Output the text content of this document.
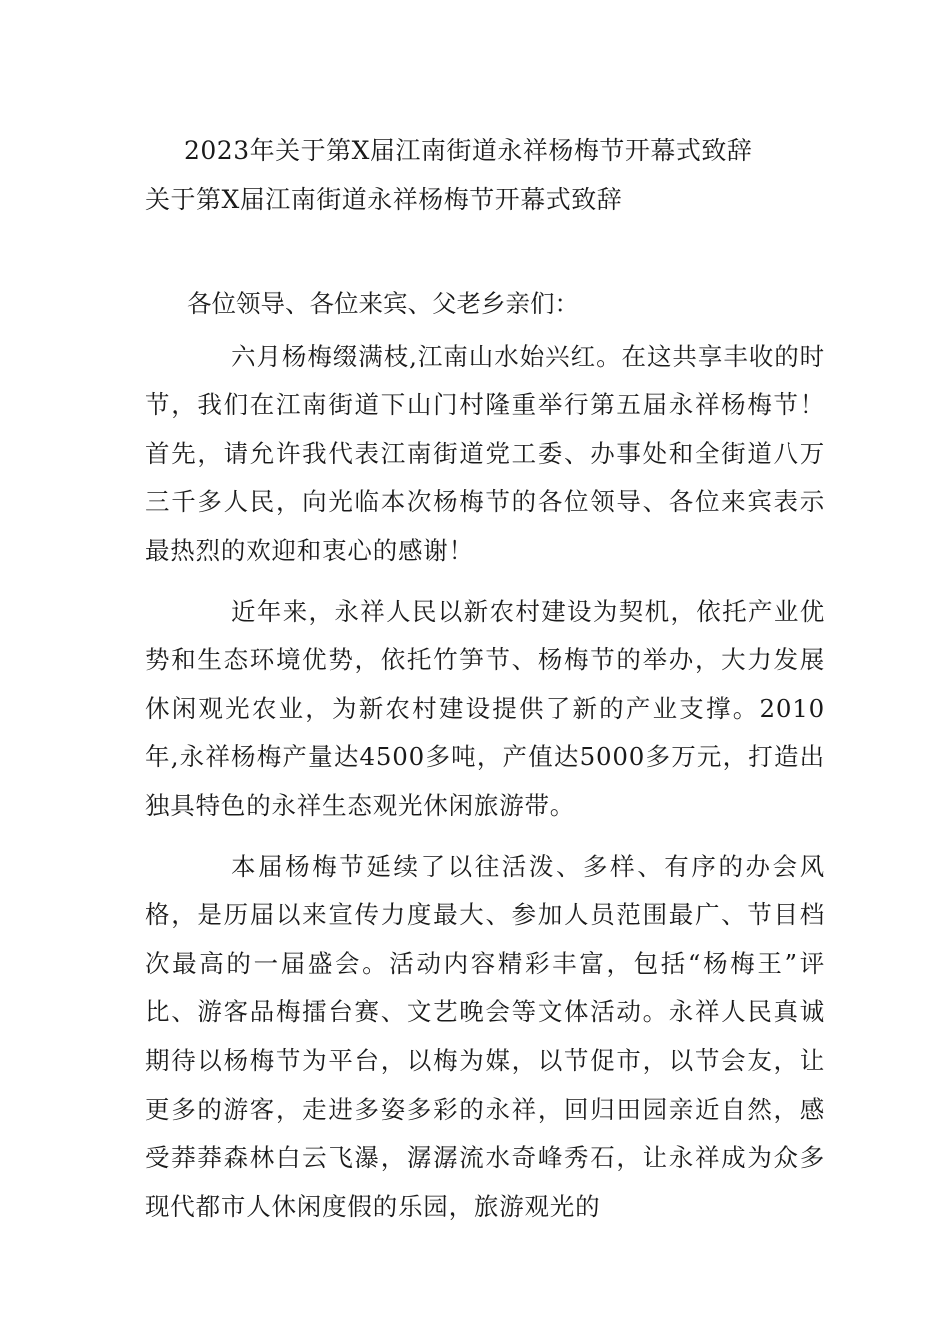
2023年关于第X届江南街道永祥杨梅节开幕式致辞
关于第X届江南街道永祥杨梅节开幕式致辞

各位领导、各位来宾、父老乡亲们：

六月杨梅缀满枝,江南山水始兴红。在这共享丰收的时节，我们在江南街道下山门村隆重举行第五届永祥杨梅节！首先，请允许我代表江南街道党工委、办事处和全街道八万三千多人民，向光临本次杨梅节的各位领导、各位来宾表示最热烈的欢迎和衷心的感谢！

近年来，永祥人民以新农村建设为契机，依托产业优势和生态环境优势，依托竹笋节、杨梅节的举办，大力发展休闲观光农业，为新农村建设提供了新的产业支撑。2010年,永祥杨梅产量达4500多吨，产值达5000多万元，打造出独具特色的永祥生态观光休闲旅游带。

本届杨梅节延续了以往活泼、多样、有序的办会风格，是历届以来宣传力度最大、参加人员范围最广、节目档次最高的一届盛会。活动内容精彩丰富，包括“杨梅王”评比、游客品梅擂台赛、文艺晚会等文体活动。永祥人民真诚期待以杨梅节为平台，以梅为媒，以节促市，以节会友，让更多的游客，走进多姿多彩的永祥，回归田园亲近自然，感受莽莽森林白云飞瀑，潺潺流水奇峰秀石，让永祥成为众多现代都市人休闲度假的乐园，旅游观光的
